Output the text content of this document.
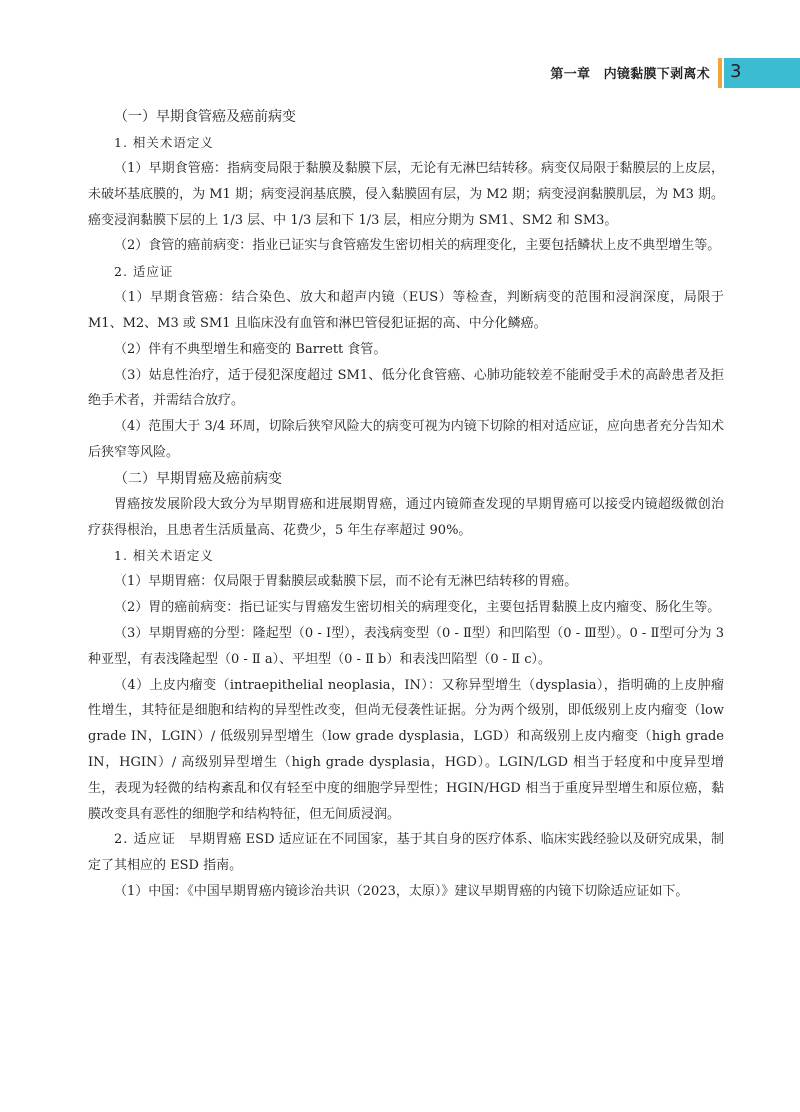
第一章　内镜黏膜下剥离术 3

（一）早期食管癌及癌前病变

1. 相关术语定义

（1）早期食管癌：指病变局限于黏膜及黏膜下层，无论有无淋巴结转移。病变仅局限于黏膜层的上皮层，未破坏基底膜的，为 M1 期；病变浸润基底膜，侵入黏膜固有层，为 M2 期；病变浸润黏膜肌层，为 M3 期。癌变浸润黏膜下层的上 1/3 层、中 1/3 层和下 1/3 层，相应分期为 SM1、SM2 和 SM3。

（2）食管的癌前病变：指业已证实与食管癌发生密切相关的病理变化，主要包括鳞状上皮不典型增生等。

2. 适应证

（1）早期食管癌：结合染色、放大和超声内镜（EUS）等检查，判断病变的范围和浸润深度，局限于 M1、M2、M3 或 SM1 且临床没有血管和淋巴管侵犯证据的高、中分化鳞癌。

（2）伴有不典型增生和癌变的 Barrett 食管。

（3）姑息性治疗，适于侵犯深度超过 SM1、低分化食管癌、心肺功能较差不能耐受手术的高龄患者及拒绝手术者，并需结合放疗。

（4）范围大于 3/4 环周，切除后狭窄风险大的病变可视为内镜下切除的相对适应证，应向患者充分告知术后狭窄等风险。

（二）早期胃癌及癌前病变

胃癌按发展阶段大致分为早期胃癌和进展期胃癌，通过内镜筛查发现的早期胃癌可以接受内镜超级微创治疗获得根治，且患者生活质量高、花费少，5 年生存率超过 90%。

1. 相关术语定义

（1）早期胃癌：仅局限于胃黏膜层或黏膜下层，而不论有无淋巴结转移的胃癌。

（2）胃的癌前病变：指已证实与胃癌发生密切相关的病理变化，主要包括胃黏膜上皮内瘤变、肠化生等。

（3）早期胃癌的分型：隆起型（0 - Ⅰ型），表浅病变型（0 - Ⅱ型）和凹陷型（0 - Ⅲ型）。0 - Ⅱ型可分为 3 种亚型，有表浅隆起型（0 - Ⅱ a）、平坦型（0 - Ⅱ b）和表浅凹陷型（0 - Ⅱ c）。

（4）上皮内瘤变（intraepithelial neoplasia，IN）：又称异型增生（dysplasia），指明确的上皮肿瘤性增生，其特征是细胞和结构的异型性改变，但尚无侵袭性证据。分为两个级别，即低级别上皮内瘤变（low grade IN，LGIN）/ 低级别异型增生（low grade dysplasia，LGD）和高级别上皮内瘤变（high grade IN，HGIN）/ 高级别异型增生（high grade dysplasia，HGD）。LGIN/LGD 相当于轻度和中度异型增生，表现为轻微的结构紊乱和仅有轻至中度的细胞学异型性；HGIN/HGD 相当于重度异型增生和原位癌，黏膜改变具有恶性的细胞学和结构特征，但无间质浸润。

2. 适应证　 早期胃癌 ESD 适应证在不同国家，基于其自身的医疗体系、临床实践经验以及研究成果，制定了其相应的 ESD 指南。

（1）中国：《中国早期胃癌内镜诊治共识（2023，太原）》建议早期胃癌的内镜下切除适应证如下。
